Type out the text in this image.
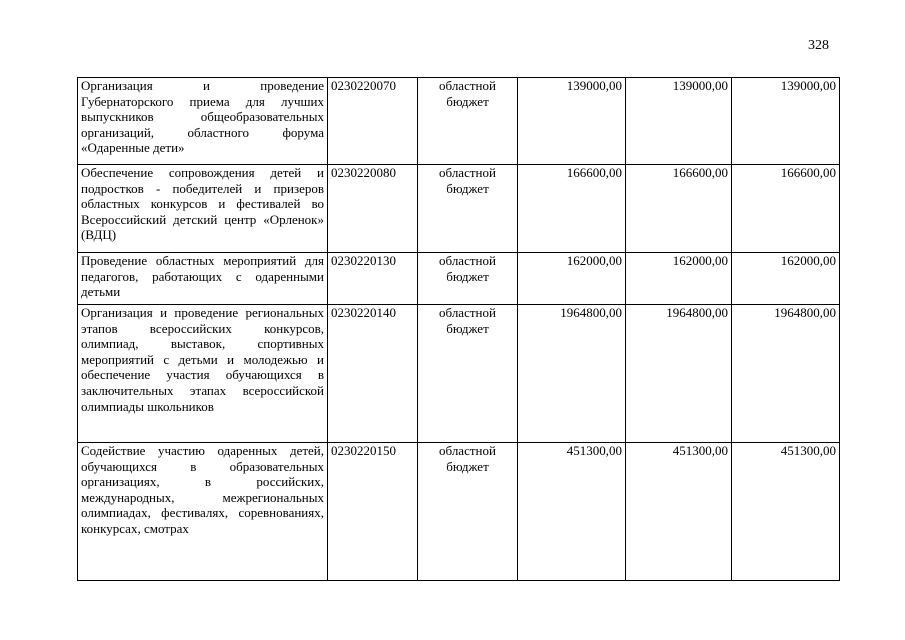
328
Организация и проведение Губернаторского приема для лучших выпускников общеобразовательных организаций, областного форума «Одаренные дети»	0230220070	областной бюджет	139000,00	139000,00	139000,00
Обеспечение сопровождения детей и подростков - победителей и призеров областных конкурсов и фестивалей во Всероссийский детский центр «Орленок» (ВДЦ)	0230220080	областной бюджет	166600,00	166600,00	166600,00
Проведение областных мероприятий для педагогов, работающих с одаренными детьми	0230220130	областной бюджет	162000,00	162000,00	162000,00
Организация и проведение региональных этапов всероссийских конкурсов, олимпиад, выставок, спортивных мероприятий с детьми и молодежью и обеспечение участия обучающихся в заключительных этапах всероссийской олимпиады школьников	0230220140	областной бюджет	1964800,00	1964800,00	1964800,00
Содействие участию одаренных детей, обучающихся в образовательных организациях, в российских, международных, межрегиональных олимпиадах, фестивалях, соревнованиях, конкурсах, смотрах	0230220150	областной бюджет	451300,00	451300,00	451300,00
